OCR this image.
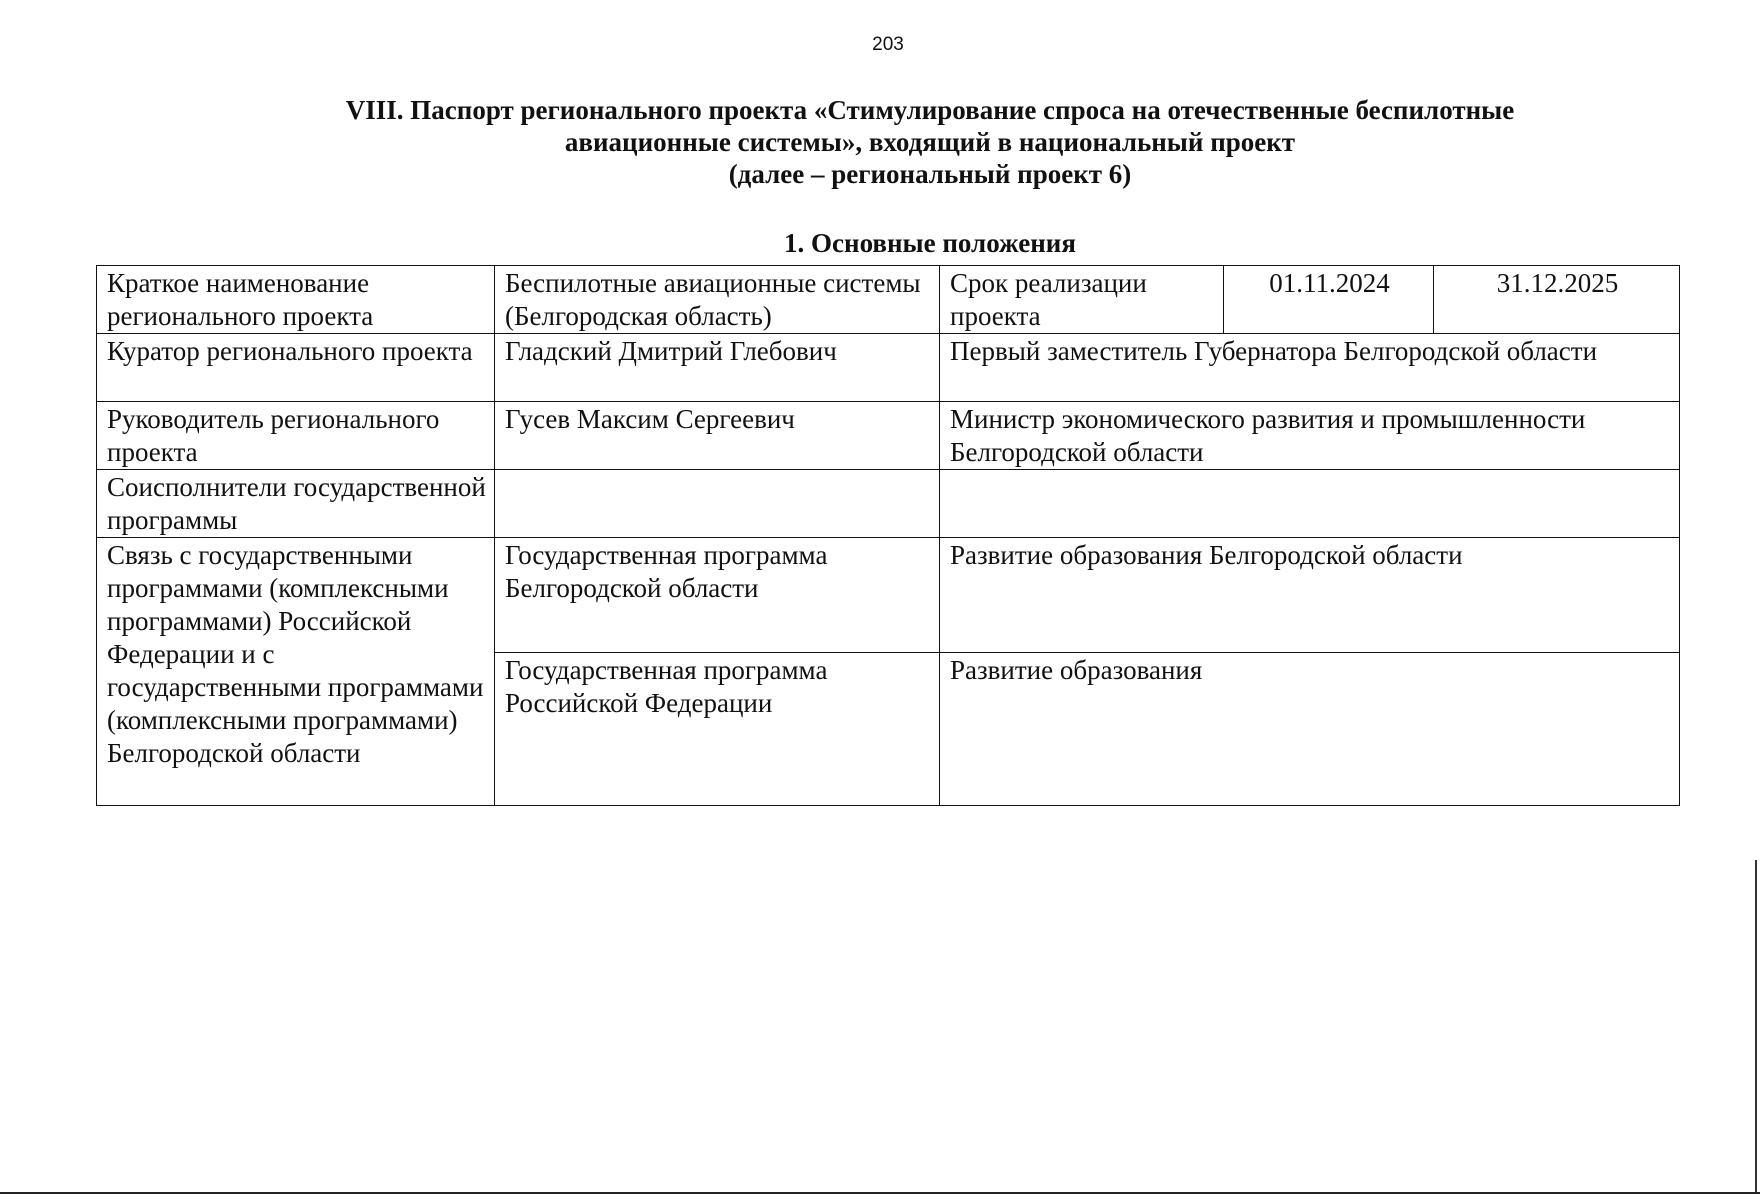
203
VIII. Паспорт регионального проекта «Стимулирование спроса на отечественные беспилотные
авиационные системы», входящий в национальный проект
(далее – региональный проект 6)
1. Основные положения
Краткое наименование регионального проекта	Беспилотные авиационные системы (Белгородская область)	Срок реализации проекта	01.11.2024	31.12.2025
Куратор регионального проекта	Гладский Дмитрий Глебович	Первый заместитель Губернатора Белгородской области		
Руководитель регионального проекта	Гусев Максим Сергеевич	Министр экономического развития и промышленности Белгородской области		
Соисполнители государственной программы				
Связь с государственными программами (комплексными программами) Российской Федерации и с государственными программами (комплексными программами) Белгородской области	Государственная программа Белгородской области	Развитие образования Белгородской области		
	Государственная программа Российской Федерации	Развитие образования		
